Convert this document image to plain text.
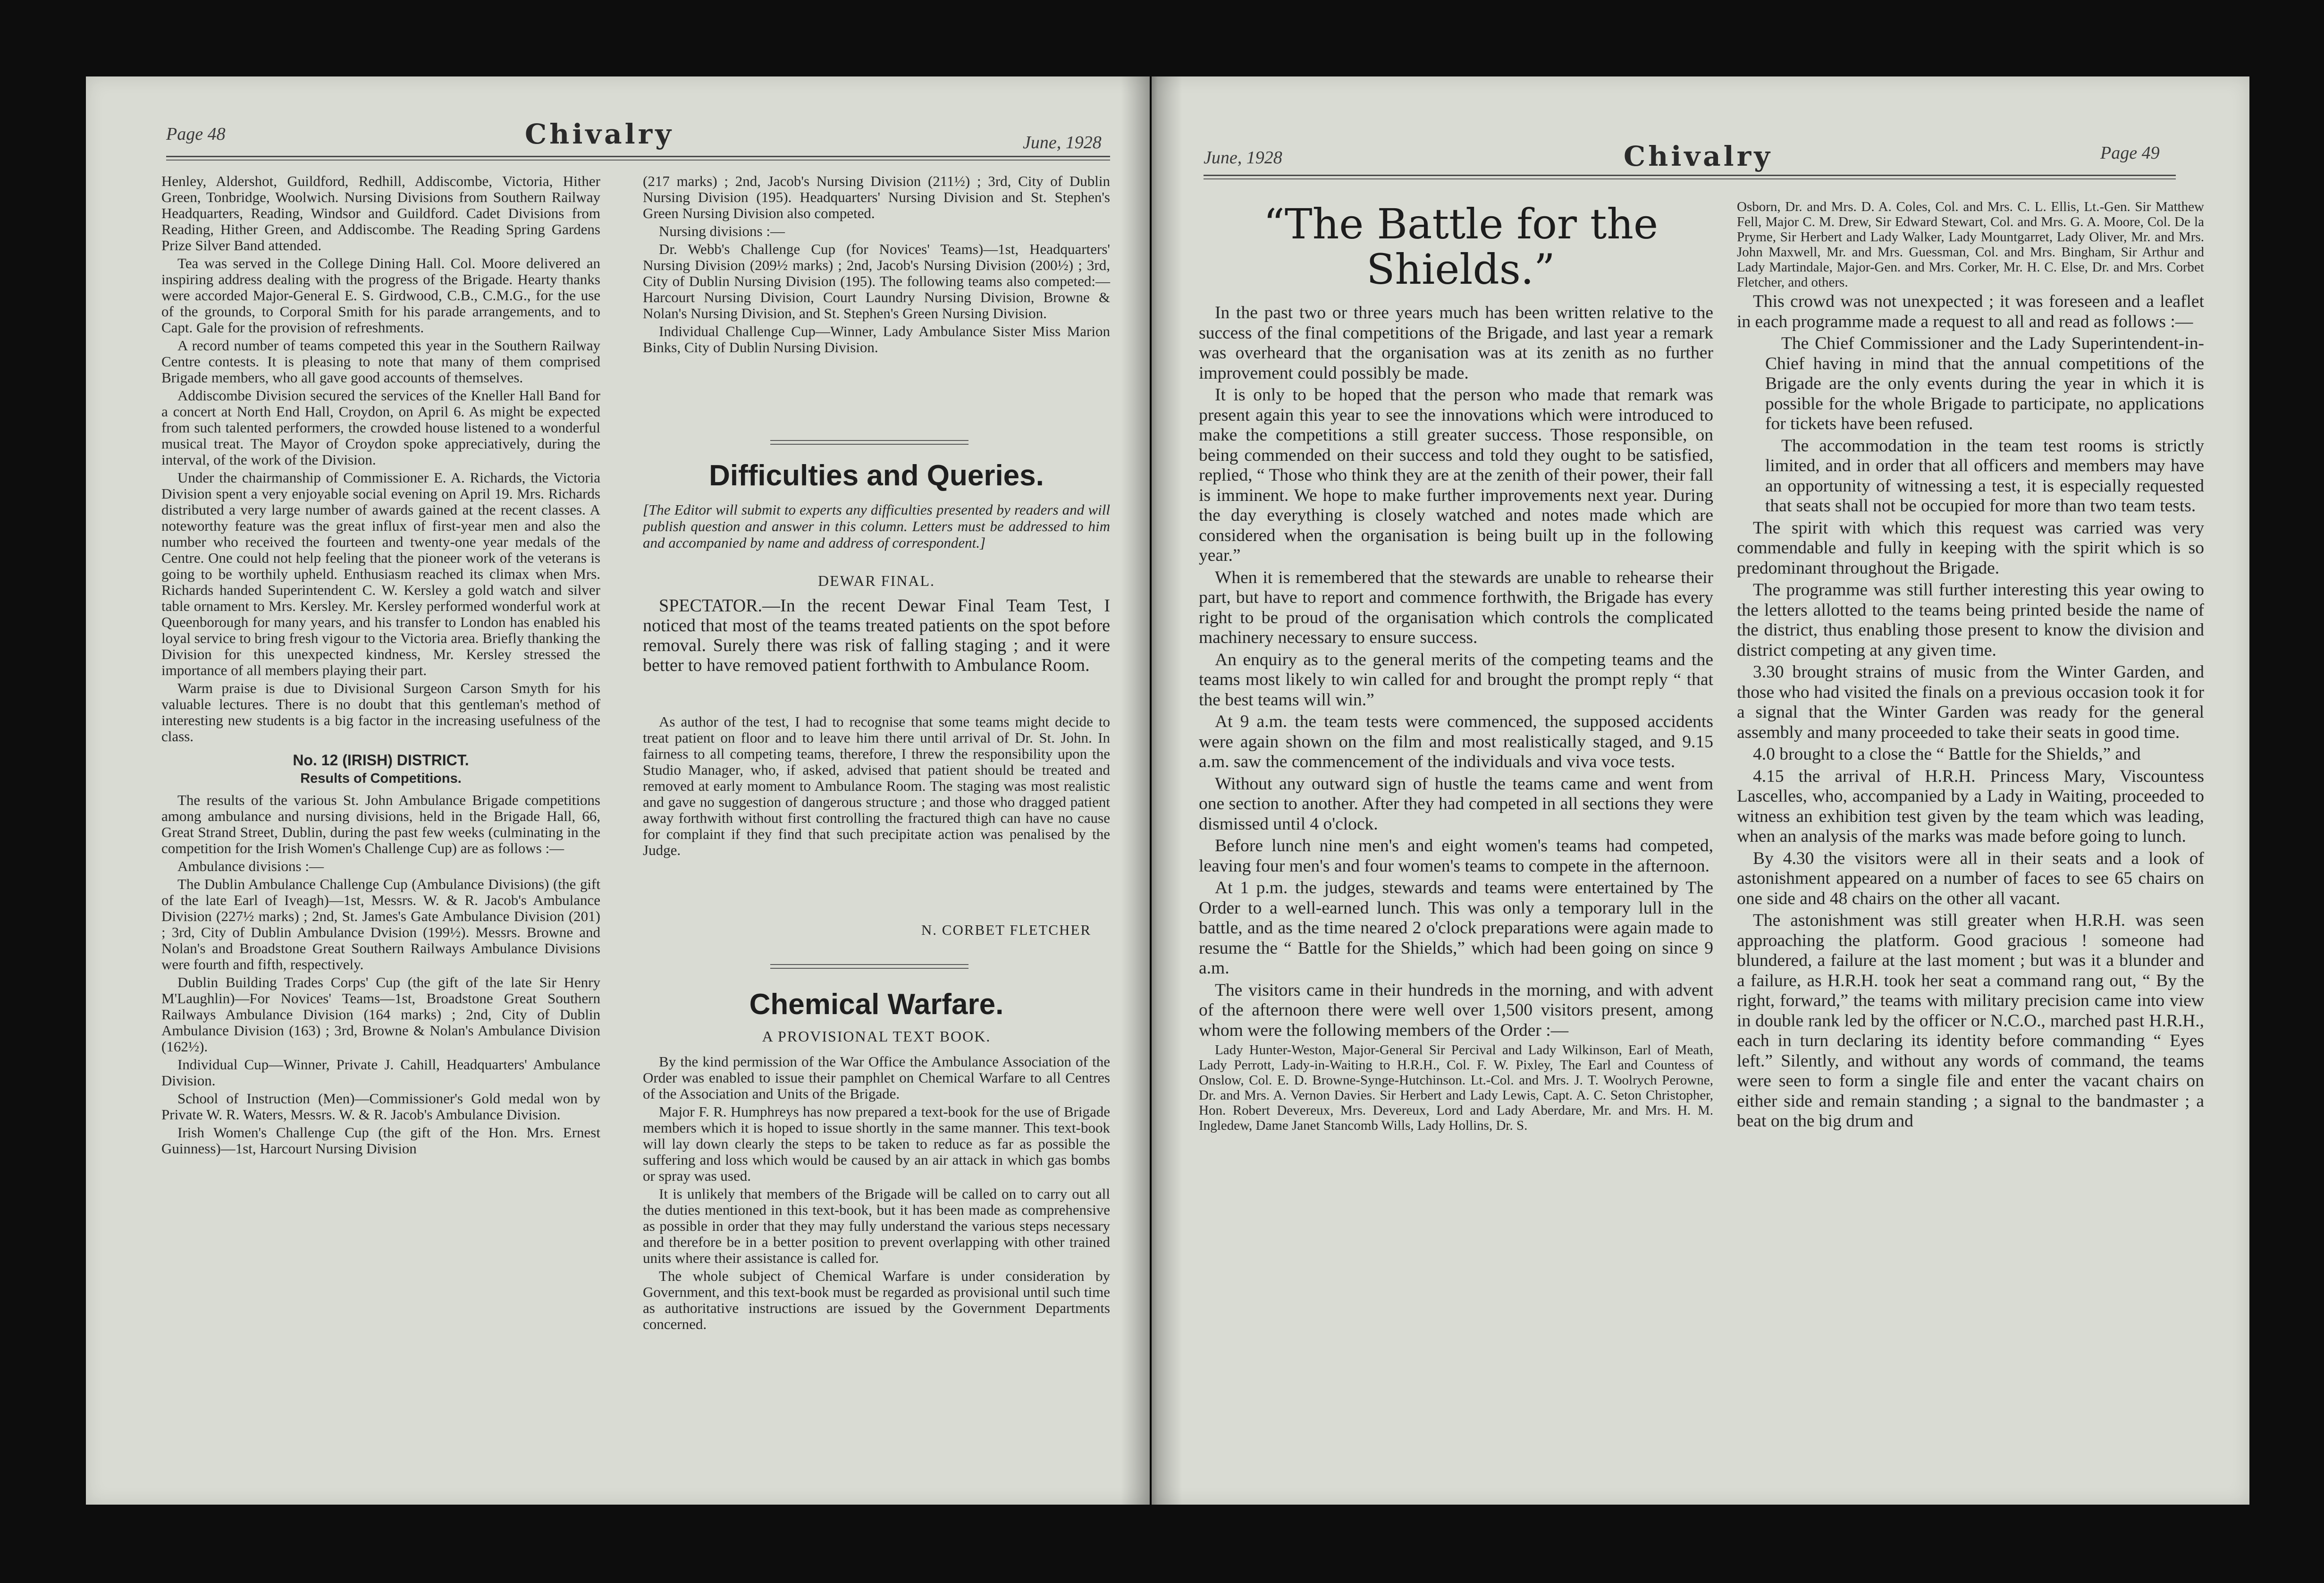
Page 48	Chivalry	June, 1928

Henley, Aldershot, Guildford, Redhill, Addiscombe, Victoria, Hither Green, Tonbridge, Woolwich. Nursing Divisions from Southern Railway Headquarters, Reading, Windsor and Guildford. Cadet Divisions from Reading, Hither Green, and Addiscombe. The Reading Spring Gardens Prize Silver Band attended.

Tea was served in the College Dining Hall. Col. Moore delivered an inspiring address dealing with the progress of the Brigade. Hearty thanks were accorded Major-General E. S. Girdwood, C.B., C.M.G., for the use of the grounds, to Corporal Smith for his parade arrangements, and to Capt. Gale for the provision of refreshments.

A record number of teams competed this year in the Southern Railway Centre contests. It is pleasing to note that many of them comprised Brigade members, who all gave good accounts of themselves.

Addiscombe Division secured the services of the Kneller Hall Band for a concert at North End Hall, Croydon, on April 6. As might be expected from such talented performers, the crowded house listened to a wonderful musical treat. The Mayor of Croydon spoke appreciatively, during the interval, of the work of the Division.

Under the chairmanship of Commissioner E. A. Richards, the Victoria Division spent a very enjoyable social evening on April 19. Mrs. Richards distributed a very large number of awards gained at the recent classes. A noteworthy feature was the great influx of first-year men and also the number who received the fourteen and twenty-one year medals of the Centre. One could not help feeling that the pioneer work of the veterans is going to be worthily upheld. Enthusiasm reached its climax when Mrs. Richards handed Superintendent C. W. Kersley a gold watch and silver table ornament to Mrs. Kersley. Mr. Kersley performed wonderful work at Queenborough for many years, and his transfer to London has enabled his loyal service to bring fresh vigour to the Victoria area. Briefly thanking the Division for this unexpected kindness, Mr. Kersley stressed the importance of all members playing their part.

Warm praise is due to Divisional Surgeon Carson Smyth for his valuable lectures. There is no doubt that this gentleman's method of interesting new students is a big factor in the increasing usefulness of the class.

No. 12 (IRISH) DISTRICT.
Results of Competitions.

The results of the various St. John Ambulance Brigade competitions among ambulance and nursing divisions, held in the Brigade Hall, 66, Great Strand Street, Dublin, during the past few weeks (culminating in the competition for the Irish Women's Challenge Cup) are as follows :—

Ambulance divisions :—

The Dublin Ambulance Challenge Cup (Ambulance Divisions) (the gift of the late Earl of Iveagh)—1st, Messrs. W. & R. Jacob's Ambulance Division (227½ marks) ; 2nd, St. James's Gate Ambulance Division (201) ; 3rd, City of Dublin Ambulance Dvision (199½). Messrs. Browne and Nolan's and Broadstone Great Southern Railways Ambulance Divisions were fourth and fifth, respectively.

Dublin Building Trades Corps' Cup (the gift of the late Sir Henry M'Laughlin)—For Novices' Teams—1st, Broadstone Great Southern Railways Ambulance Division (164 marks) ; 2nd, City of Dublin Ambulance Division (163) ; 3rd, Browne & Nolan's Ambulance Division (162½).

Individual Cup—Winner, Private J. Cahill, Headquarters' Ambulance Division.

School of Instruction (Men)—Commissioner's Gold medal won by Private W. R. Waters, Messrs. W. & R. Jacob's Ambulance Division.

Irish Women's Challenge Cup (the gift of the Hon. Mrs. Ernest Guinness)—1st, Harcourt Nursing Division

(217 marks) ; 2nd, Jacob's Nursing Division (211½) ; 3rd, City of Dublin Nursing Division (195). Headquarters' Nursing Division and St. Stephen's Green Nursing Division also competed.

Nursing divisions :—

Dr. Webb's Challenge Cup (for Novices' Teams)—1st, Headquarters' Nursing Division (209½ marks) ; 2nd, Jacob's Nursing Division (200½) ; 3rd, City of Dublin Nursing Division (195). The following teams also competed:—Harcourt Nursing Division, Court Laundry Nursing Division, Browne & Nolan's Nursing Division, and St. Stephen's Green Nursing Division.

Individual Challenge Cup—Winner, Lady Ambulance Sister Miss Marion Binks, City of Dublin Nursing Division.

Difficulties and Queries.
[The Editor will submit to experts any difficulties presented by readers and will publish question and answer in this column. Letters must be addressed to him and accompanied by name and address of correspondent.]
DEWAR FINAL.

SPECTATOR.—In the recent Dewar Final Team Test, I noticed that most of the teams treated patients on the spot before removal. Surely there was risk of falling staging ; and it were better to have removed patient forthwith to Ambulance Room.

As author of the test, I had to recognise that some teams might decide to treat patient on floor and to leave him there until arrival of Dr. St. John. In fairness to all competing teams, therefore, I threw the responsibility upon the Studio Manager, who, if asked, advised that patient should be treated and removed at early moment to Ambulance Room. The staging was most realistic and gave no suggestion of dangerous structure ; and those who dragged patient away forthwith without first controlling the fractured thigh can have no cause for complaint if they find that such precipitate action was penalised by the Judge.

N. CORBET FLETCHER
Chemical Warfare.
A PROVISIONAL TEXT BOOK.

By the kind permission of the War Office the Ambulance Association of the Order was enabled to issue their pamphlet on Chemical Warfare to all Centres of the Association and Units of the Brigade.

Major F. R. Humphreys has now prepared a text-book for the use of Brigade members which it is hoped to issue shortly in the same manner. This text-book will lay down clearly the steps to be taken to reduce as far as possible the suffering and loss which would be caused by an air attack in which gas bombs or spray was used.

It is unlikely that members of the Brigade will be called on to carry out all the duties mentioned in this text-book, but it has been made as comprehensive as possible in order that they may fully understand the various steps necessary and therefore be in a better position to prevent overlapping with other trained units where their assistance is called for.

The whole subject of Chemical Warfare is under consideration by Government, and this text-book must be regarded as provisional until such time as authoritative instructions are issued by the Government Departments concerned.

June, 1928	Chivalry	Page 49
“The Battle for the
Shields.”

In the past two or three years much has been written relative to the success of the final competitions of the Brigade, and last year a remark was overheard that the organisation was at its zenith as no further improvement could possibly be made.

It is only to be hoped that the person who made that remark was present again this year to see the innovations which were introduced to make the competitions a still greater success. Those responsible, on being commended on their success and told they ought to be satisfied, replied, “ Those who think they are at the zenith of their power, their fall is imminent. We hope to make further improvements next year. During the day everything is closely watched and notes made which are considered when the organisation is being built up in the following year.”

When it is remembered that the stewards are unable to rehearse their part, but have to report and commence forthwith, the Brigade has every right to be proud of the organisation which controls the complicated machinery necessary to ensure success.

An enquiry as to the general merits of the competing teams and the teams most likely to win called for and brought the prompt reply “ that the best teams will win.”

At 9 a.m. the team tests were commenced, the supposed accidents were again shown on the film and most realistically staged, and 9.15 a.m. saw the commencement of the individuals and viva voce tests.

Without any outward sign of hustle the teams came and went from one section to another. After they had competed in all sections they were dismissed until 4 o'clock.

Before lunch nine men's and eight women's teams had competed, leaving four men's and four women's teams to compete in the afternoon.

At 1 p.m. the judges, stewards and teams were entertained by The Order to a well-earned lunch. This was only a temporary lull in the battle, and as the time neared 2 o'clock preparations were again made to resume the “ Battle for the Shields,” which had been going on since 9 a.m.

The visitors came in their hundreds in the morning, and with advent of the afternoon there were well over 1,500 visitors present, among whom were the following members of the Order :—

Lady Hunter-Weston, Major-General Sir Percival and Lady Wilkinson, Earl of Meath, Lady Perrott, Lady-in-Waiting to H.R.H., Col. F. W. Pixley, The Earl and Countess of Onslow, Col. E. D. Browne-Synge-Hutchinson. Lt.-Col. and Mrs. J. T. Woolrych Perowne, Dr. and Mrs. A. Vernon Davies. Sir Herbert and Lady Lewis, Capt. A. C. Seton Christopher, Hon. Robert Devereux, Mrs. Devereux, Lord and Lady Aberdare, Mr. and Mrs. H. M. Ingledew, Dame Janet Stancomb Wills, Lady Hollins, Dr. S.

Osborn, Dr. and Mrs. D. A. Coles, Col. and Mrs. C. L. Ellis, Lt.-Gen. Sir Matthew Fell, Major C. M. Drew, Sir Edward Stewart, Col. and Mrs. G. A. Moore, Col. De la Pryme, Sir Herbert and Lady Walker, Lady Mountgarret, Lady Oliver, Mr. and Mrs. John Maxwell, Mr. and Mrs. Guessman, Col. and Mrs. Bingham, Sir Arthur and Lady Martindale, Major-Gen. and Mrs. Corker, Mr. H. C. Else, Dr. and Mrs. Corbet Fletcher, and others.

This crowd was not unexpected ; it was foreseen and a leaflet in each programme made a request to all and read as follows :—

The Chief Commissioner and the Lady Superintendent-in-Chief having in mind that the annual competitions of the Brigade are the only events during the year in which it is possible for the whole Brigade to participate, no applications for tickets have been refused.

The accommodation in the team test rooms is strictly limited, and in order that all officers and members may have an opportunity of witnessing a test, it is especially requested that seats shall not be occupied for more than two team tests.

The spirit with which this request was carried was very commendable and fully in keeping with the spirit which is so predominant throughout the Brigade.

The programme was still further interesting this year owing to the letters allotted to the teams being printed beside the name of the district, thus enabling those present to know the division and district competing at any given time.

3.30 brought strains of music from the Winter Garden, and those who had visited the finals on a previous occasion took it for a signal that the Winter Garden was ready for the general assembly and many proceeded to take their seats in good time.

4.0 brought to a close the “ Battle for the Shields,” and

4.15 the arrival of H.R.H. Princess Mary, Viscountess Lascelles, who, accompanied by a Lady in Waiting, proceeded to witness an exhibition test given by the team which was leading, when an analysis of the marks was made before going to lunch.

By 4.30 the visitors were all in their seats and a look of astonishment appeared on a number of faces to see 65 chairs on one side and 48 chairs on the other all vacant.

The astonishment was still greater when H.R.H. was seen approaching the platform. Good gracious ! someone had blundered, a failure at the last moment ; but was it a blunder and a failure, as H.R.H. took her seat a command rang out, “ By the right, forward,” the teams with military precision came into view in double rank led by the officer or N.C.O., marched past H.R.H., each in turn declaring its identity before commanding “ Eyes left.” Silently, and without any words of command, the teams were seen to form a single file and enter the vacant chairs on either side and remain standing ; a signal to the bandmaster ; a beat on the big drum and
